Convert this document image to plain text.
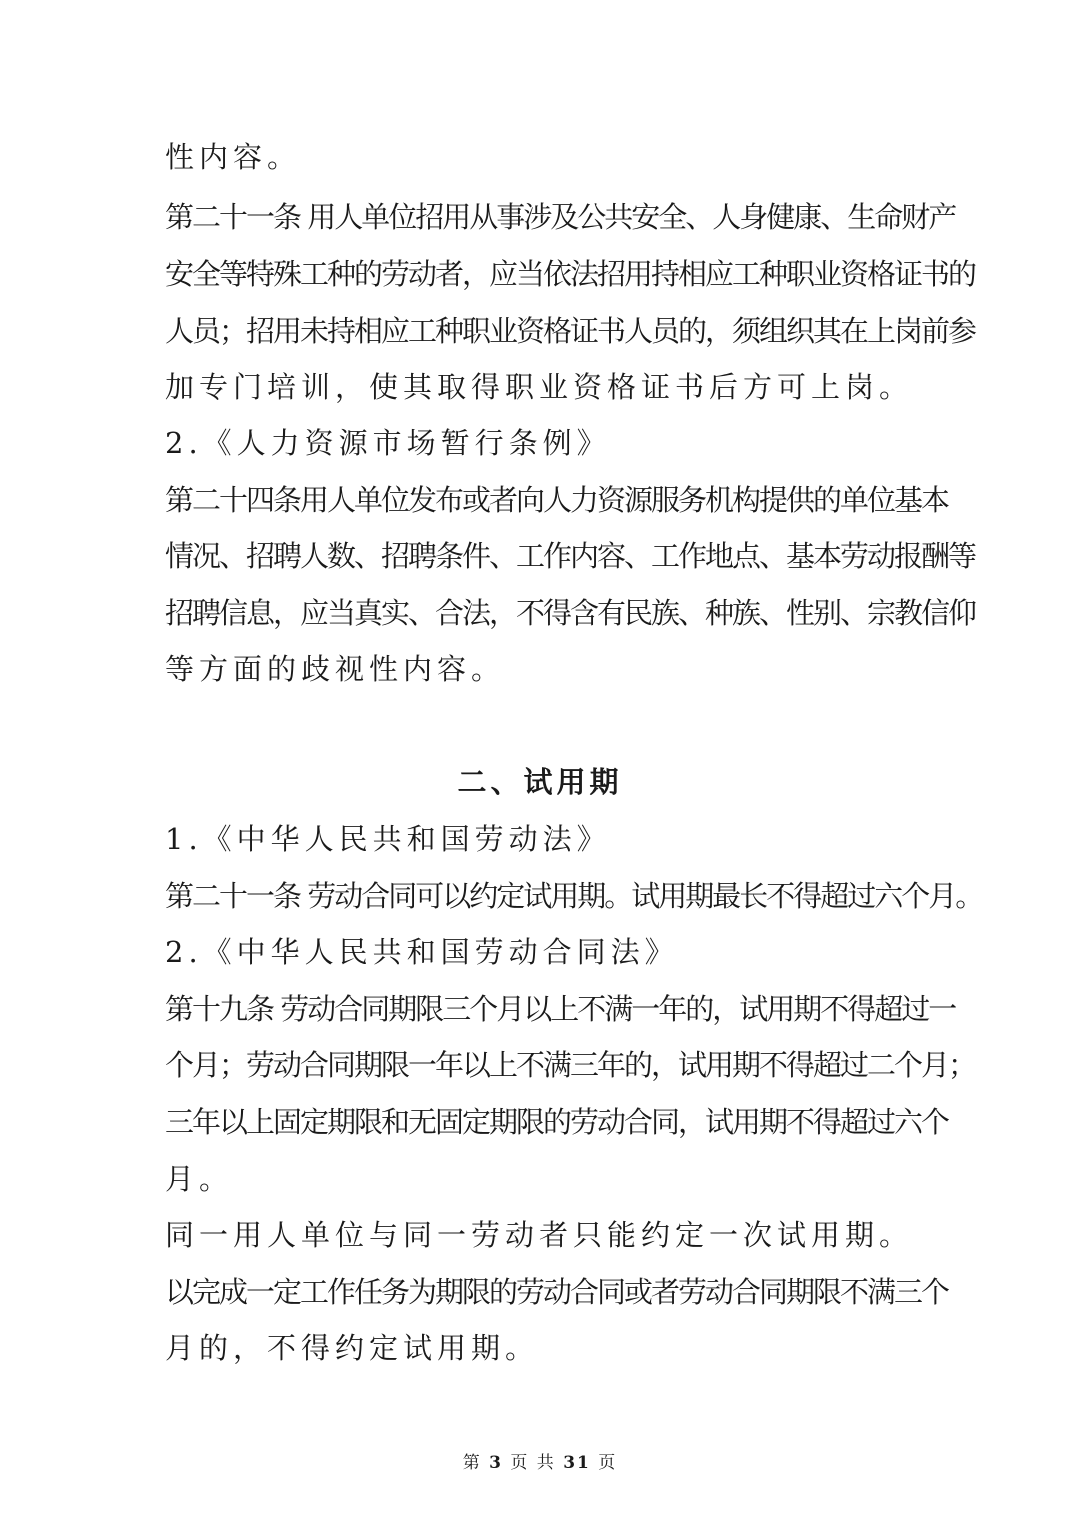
性内容。
第二十一条 用人单位招用从事涉及公共安全、人身健康、生命财产
安全等特殊工种的劳动者，应当依法招用持相应工种职业资格证书的
人员；招用未持相应工种职业资格证书人员的，须组织其在上岗前参
加专门培训，使其取得职业资格证书后方可上岗。
2.《人力资源市场暂行条例》
第二十四条用人单位发布或者向人力资源服务机构提供的单位基本
情况、招聘人数、招聘条件、工作内容、工作地点、基本劳动报酬等
招聘信息，应当真实、合法，不得含有民族、种族、性别、宗教信仰
等方面的歧视性内容。
二、试用期
1.《中华人民共和国劳动法》
第二十一条 劳动合同可以约定试用期。试用期最长不得超过六个月。
2.《中华人民共和国劳动合同法》
第十九条 劳动合同期限三个月以上不满一年的，试用期不得超过一
个月；劳动合同期限一年以上不满三年的，试用期不得超过二个月；
三年以上固定期限和无固定期限的劳动合同，试用期不得超过六个
月。
同一用人单位与同一劳动者只能约定一次试用期。
以完成一定工作任务为期限的劳动合同或者劳动合同期限不满三个
月的，不得约定试用期。
第 3 页 共 31 页
